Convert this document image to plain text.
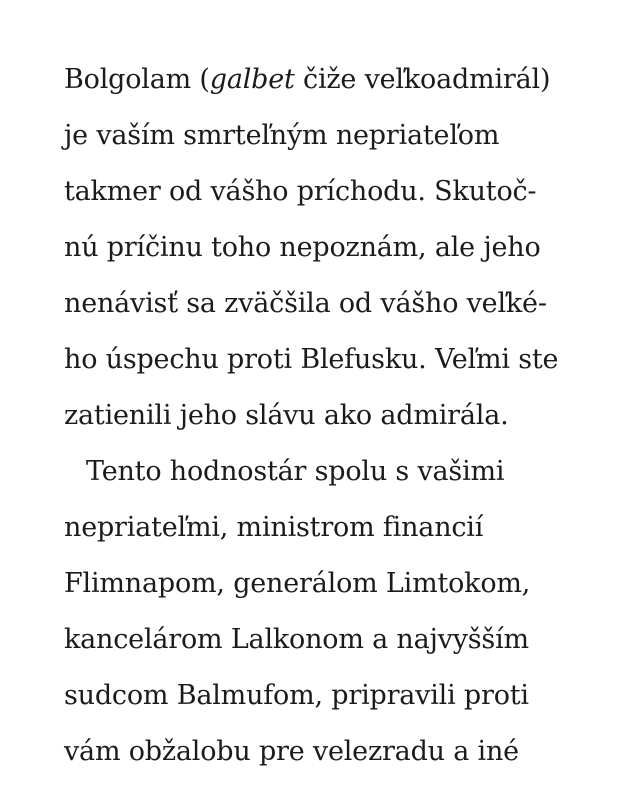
Bolgolam (galbet čiže veľkoadmirál)
je vaším smrteľným nepriateľom
takmer od vášho príchodu. Skutoč-
nú príčinu toho nepoznám, ale jeho
nenávisť sa zväčšila od vášho veľké-
ho úspechu proti Blefusku. Veľmi ste
zatienili jeho slávu ako admirála.
Tento hodnostár spolu s vašimi
nepriateľmi, ministrom financií
Flimnapom, generálom Limtokom,
kancelárom Lalkonom a najvyšším
sudcom Balmufom, pripravili proti
vám obžalobu pre velezradu a iné
